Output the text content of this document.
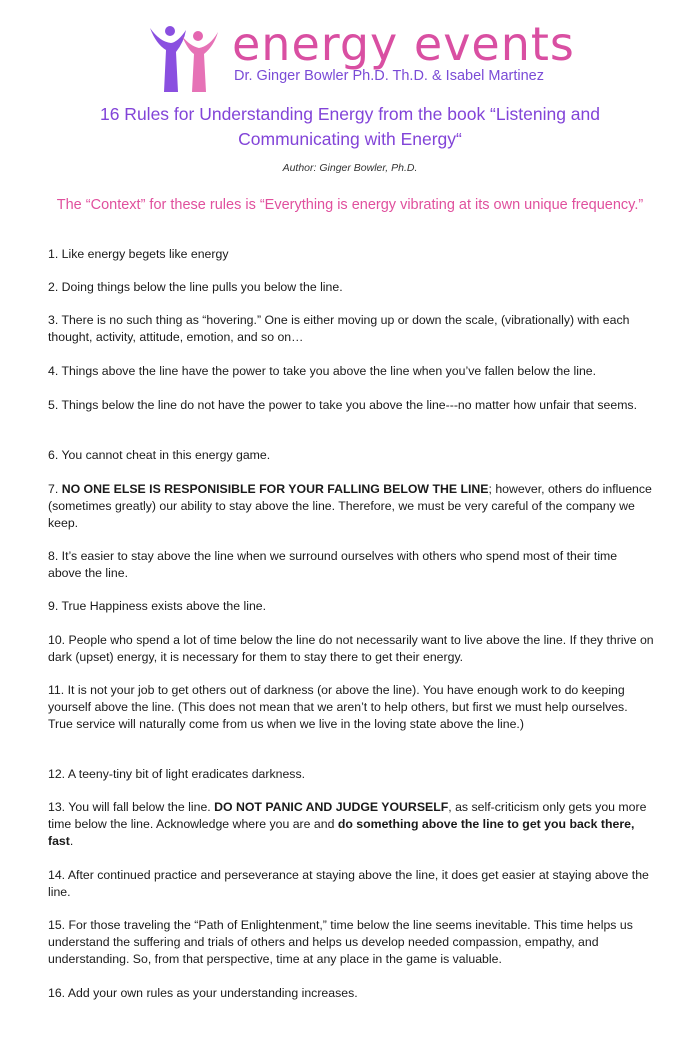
energy events
Dr. Ginger Bowler Ph.D. Th.D. & Isabel Martinez
16 Rules for Understanding Energy from the book “Listening and Communicating with Energy“
Author: Ginger Bowler, Ph.D.
The “Context” for these rules is “Everything is energy vibrating at its own unique frequency.”
1. Like energy begets like energy
2. Doing things below the line pulls you below the line.
3. There is no such thing as “hovering.” One is either moving up or down the scale, (vibrationally) with each thought, activity, attitude, emotion, and so on…
4. Things above the line have the power to take you above the line when you’ve fallen below the line.
5. Things below the line do not have the power to take you above the line---no matter how unfair that seems.
6. You cannot cheat in this energy game.
7. NO ONE ELSE IS RESPONISIBLE FOR YOUR FALLING BELOW THE LINE; however, others do influence (sometimes greatly) our ability to stay above the line. Therefore, we must be very careful of the company we keep.
8. It’s easier to stay above the line when we surround ourselves with others who spend most of their time above the line.
9. True Happiness exists above the line.
10. People who spend a lot of time below the line do not necessarily want to live above the line. If they thrive on dark (upset) energy, it is necessary for them to stay there to get their energy.
11. It is not your job to get others out of darkness (or above the line). You have enough work to do keeping yourself above the line. (This does not mean that we aren’t to help others, but first we must help ourselves. True service will naturally come from us when we live in the loving state above the line.)
12. A teeny-tiny bit of light eradicates darkness.
13. You will fall below the line. DO NOT PANIC AND JUDGE YOURSELF, as self-criticism only gets you more time below the line. Acknowledge where you are and do something above the line to get you back there, fast.
14. After continued practice and perseverance at staying above the line, it does get easier at staying above the line.
15. For those traveling the “Path of Enlightenment,” time below the line seems inevitable. This time helps us understand the suffering and trials of others and helps us develop needed compassion, empathy, and understanding. So, from that perspective, time at any place in the game is valuable.
16. Add your own rules as your understanding increases.
